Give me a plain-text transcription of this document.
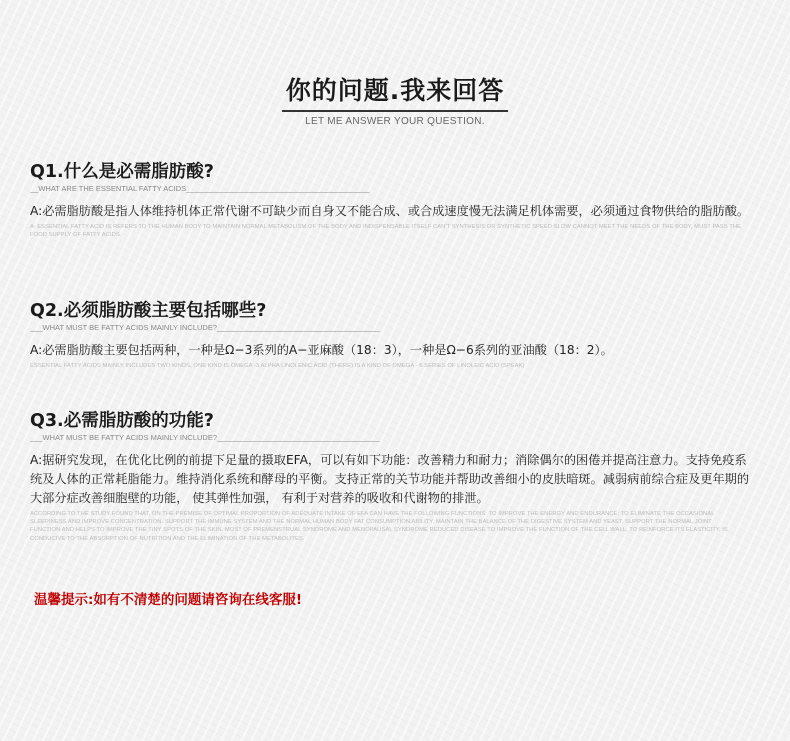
你的问题.我来回答
LET ME ANSWER YOUR QUESTION.
Q1.什么是必需脂肪酸?
__WHAT ARE THE ESSENTIAL FATTY ACIDS____________________________________________
A:必需脂肪酸是指人体维持机体正常代谢不可缺少而自身又不能合成、或合成速度慢无法满足机体需要，必须通过食物供给的脂肪酸。
A: ESSENTIAL FATTY ACID IS REFERS TO THE HUMAN BODY TO MAINTAIN NORMAL METABOLISM OF THE BODY AND INDISPENSABLE ITSELF CAN'T SYNTHESIS OR SYNTHETIC SPEED SLOW CANNOT MEET THE NEEDS OF THE BODY, MUST PASS THE FOOD SUPPLY OF FATTY ACIDS.
Q2.必须脂肪酸主要包括哪些?
___WHAT MUST BE FATTY ACIDS MAINLY INCLUDE?_______________________________________
A:必需脂肪酸主要包括两种，一种是Ω−3系列的Α−亚麻酸（18：3），一种是Ω−6系列的亚油酸（18：2）。
ESSENTIAL FATTY ACIDS MAINLY INCLUDES TWO KINDS, ONE KIND IS OMEGA -3 ALPHA LINOLENIC ACID (THERE) IS A KIND OF OMEGA - 6 SERIES OF LINOLEIC ACID (SPEAK)
Q3.必需脂肪酸的功能?
___WHAT MUST BE FATTY ACIDS MAINLY INCLUDE?_______________________________________
A:据研究发现，在优化比例的前提下足量的摄取EFA，可以有如下功能：改善精力和耐力；消除偶尔的困倦并提高注意力。支持免疫系统及人体的正常耗脂能力。维持消化系统和酵母的平衡。支持正常的关节功能并帮助改善细小的皮肤暗斑。减弱病前综合症及更年期的大部分症改善细胞壁的功能， 使其弹性加强， 有利于对营养的吸收和代谢物的排泄。
ACCORDING TO THE STUDY FOUND THAT, ON THE PREMISE OF OPTIMAL PROPORTION OF ADEQUATE INTAKE OF EFA CAN HAVE THE FOLLOWING FUNCTIONS: TO IMPROVE THE ENERGY AND ENDURANCE; TO ELIMINATE THE OCCASIONAL SLEEPINESS AND IMPROVE CONCENTRATION. SUPPORT THE IMMUNE SYSTEM AND THE NORMAL HUMAN BODY FAT CONSUMPTION ABILITY. MAINTAIN THE BALANCE OF THE DIGESTIVE SYSTEM AND YEAST. SUPPORT THE NORMAL JOINT FUNCTION AND HELPS TO IMPROVE THE TINY SPOTS OF THE SKIN. MOST OF PREMENSTRUAL SYNDROME AND MENOPAUSAL SYNDROME REDUCED DISEASE TO IMPROVE THE FUNCTION OF THE CELL WALL, TO REINFORCE ITS ELASTICITY, IS CONDUCIVE TO THE ABSORPTION OF NUTRITION AND THE ELIMINATION OF THE METABOLITES.
温馨提示:如有不清楚的问题请咨询在线客服!
